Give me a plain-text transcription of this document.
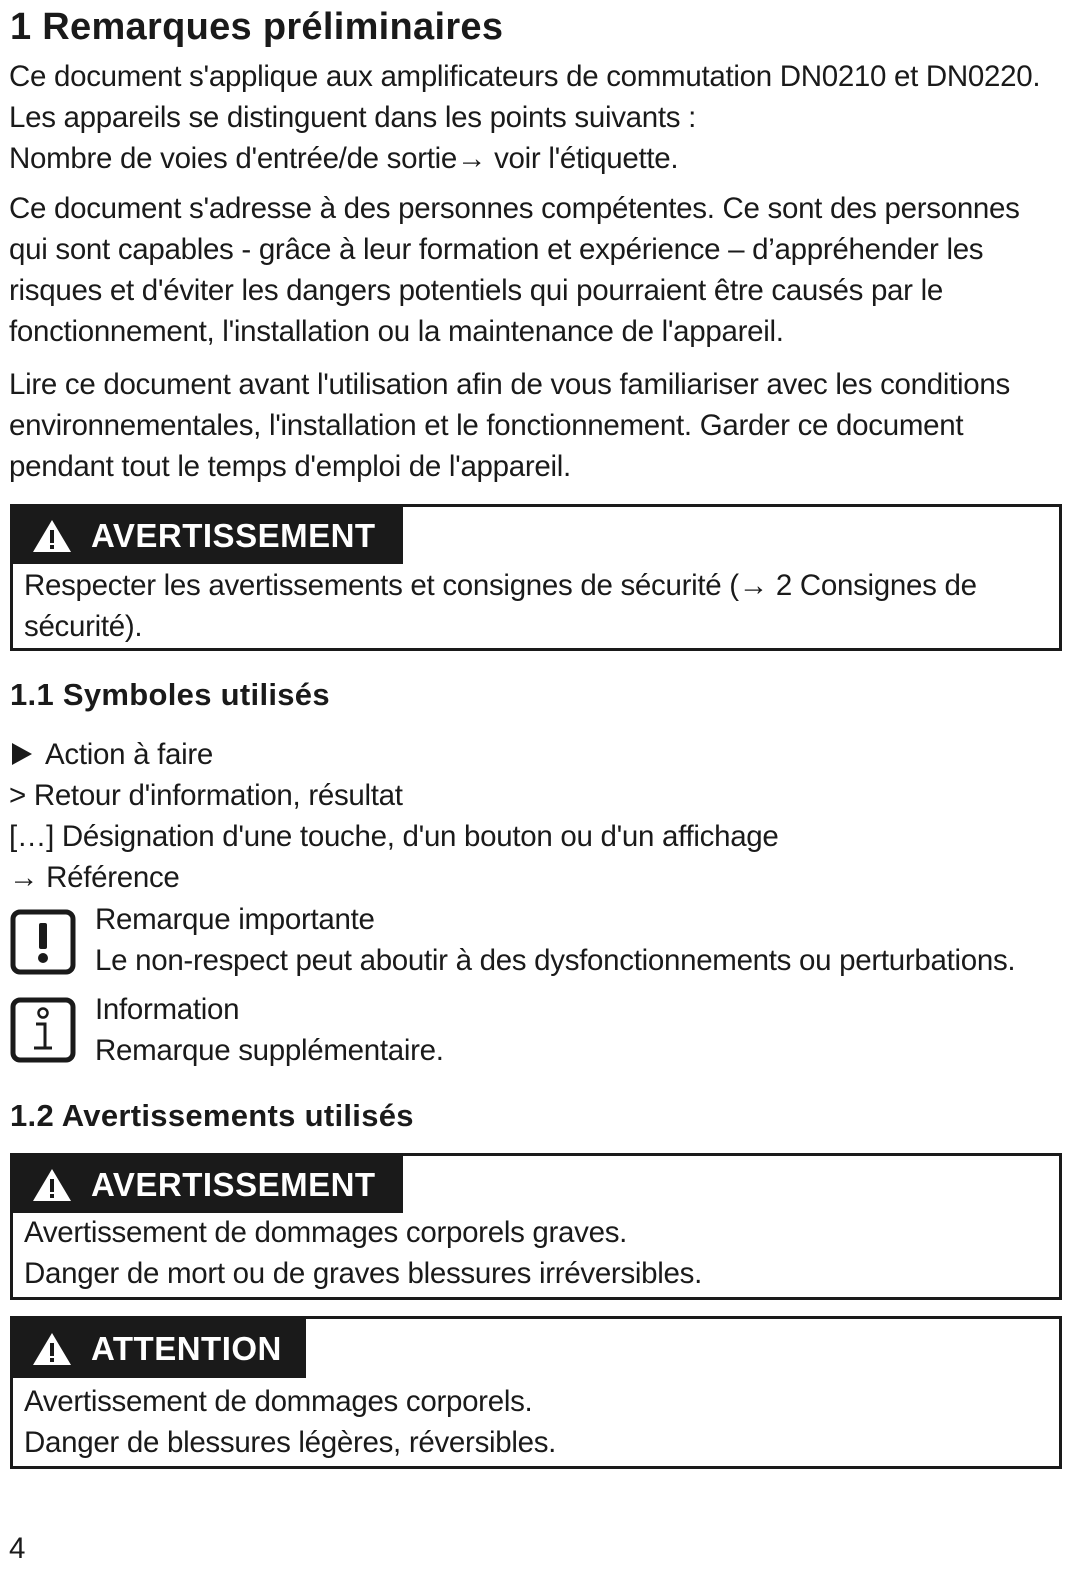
1 Remarques préliminaires
Ce document s'applique aux amplificateurs de commutation DN0210 et DN0220.
Les appareils se distinguent dans les points suivants :
Nombre de voies d'entrée/de sortie→ voir l'étiquette.
Ce document s'adresse à des personnes compétentes. Ce sont des personnes
qui sont capables - grâce à leur formation et expérience – d’appréhender les
risques et d'éviter les dangers potentiels qui pourraient être causés par le
fonctionnement, l'installation ou la maintenance de l'appareil.
Lire ce document avant l'utilisation afin de vous familiariser avec les conditions
environnementales, l'installation et le fonctionnement. Garder ce document
pendant tout le temps d'emploi de l'appareil.
AVERTISSEMENT
Respecter les avertissements et consignes de sécurité (→ 2 Consignes de
sécurité).
1.1 Symboles utilisés
Action à faire
> Retour d'information, résultat
[…] Désignation d'une touche, d'un bouton ou d'un affichage
→ Référence
Remarque importante
Le non-respect peut aboutir à des dysfonctionnements ou perturbations.
Information
Remarque supplémentaire.
1.2 Avertissements utilisés
AVERTISSEMENT
Avertissement de dommages corporels graves.
Danger de mort ou de graves blessures irréversibles.
ATTENTION
Avertissement de dommages corporels.
Danger de blessures légères, réversibles.
4
